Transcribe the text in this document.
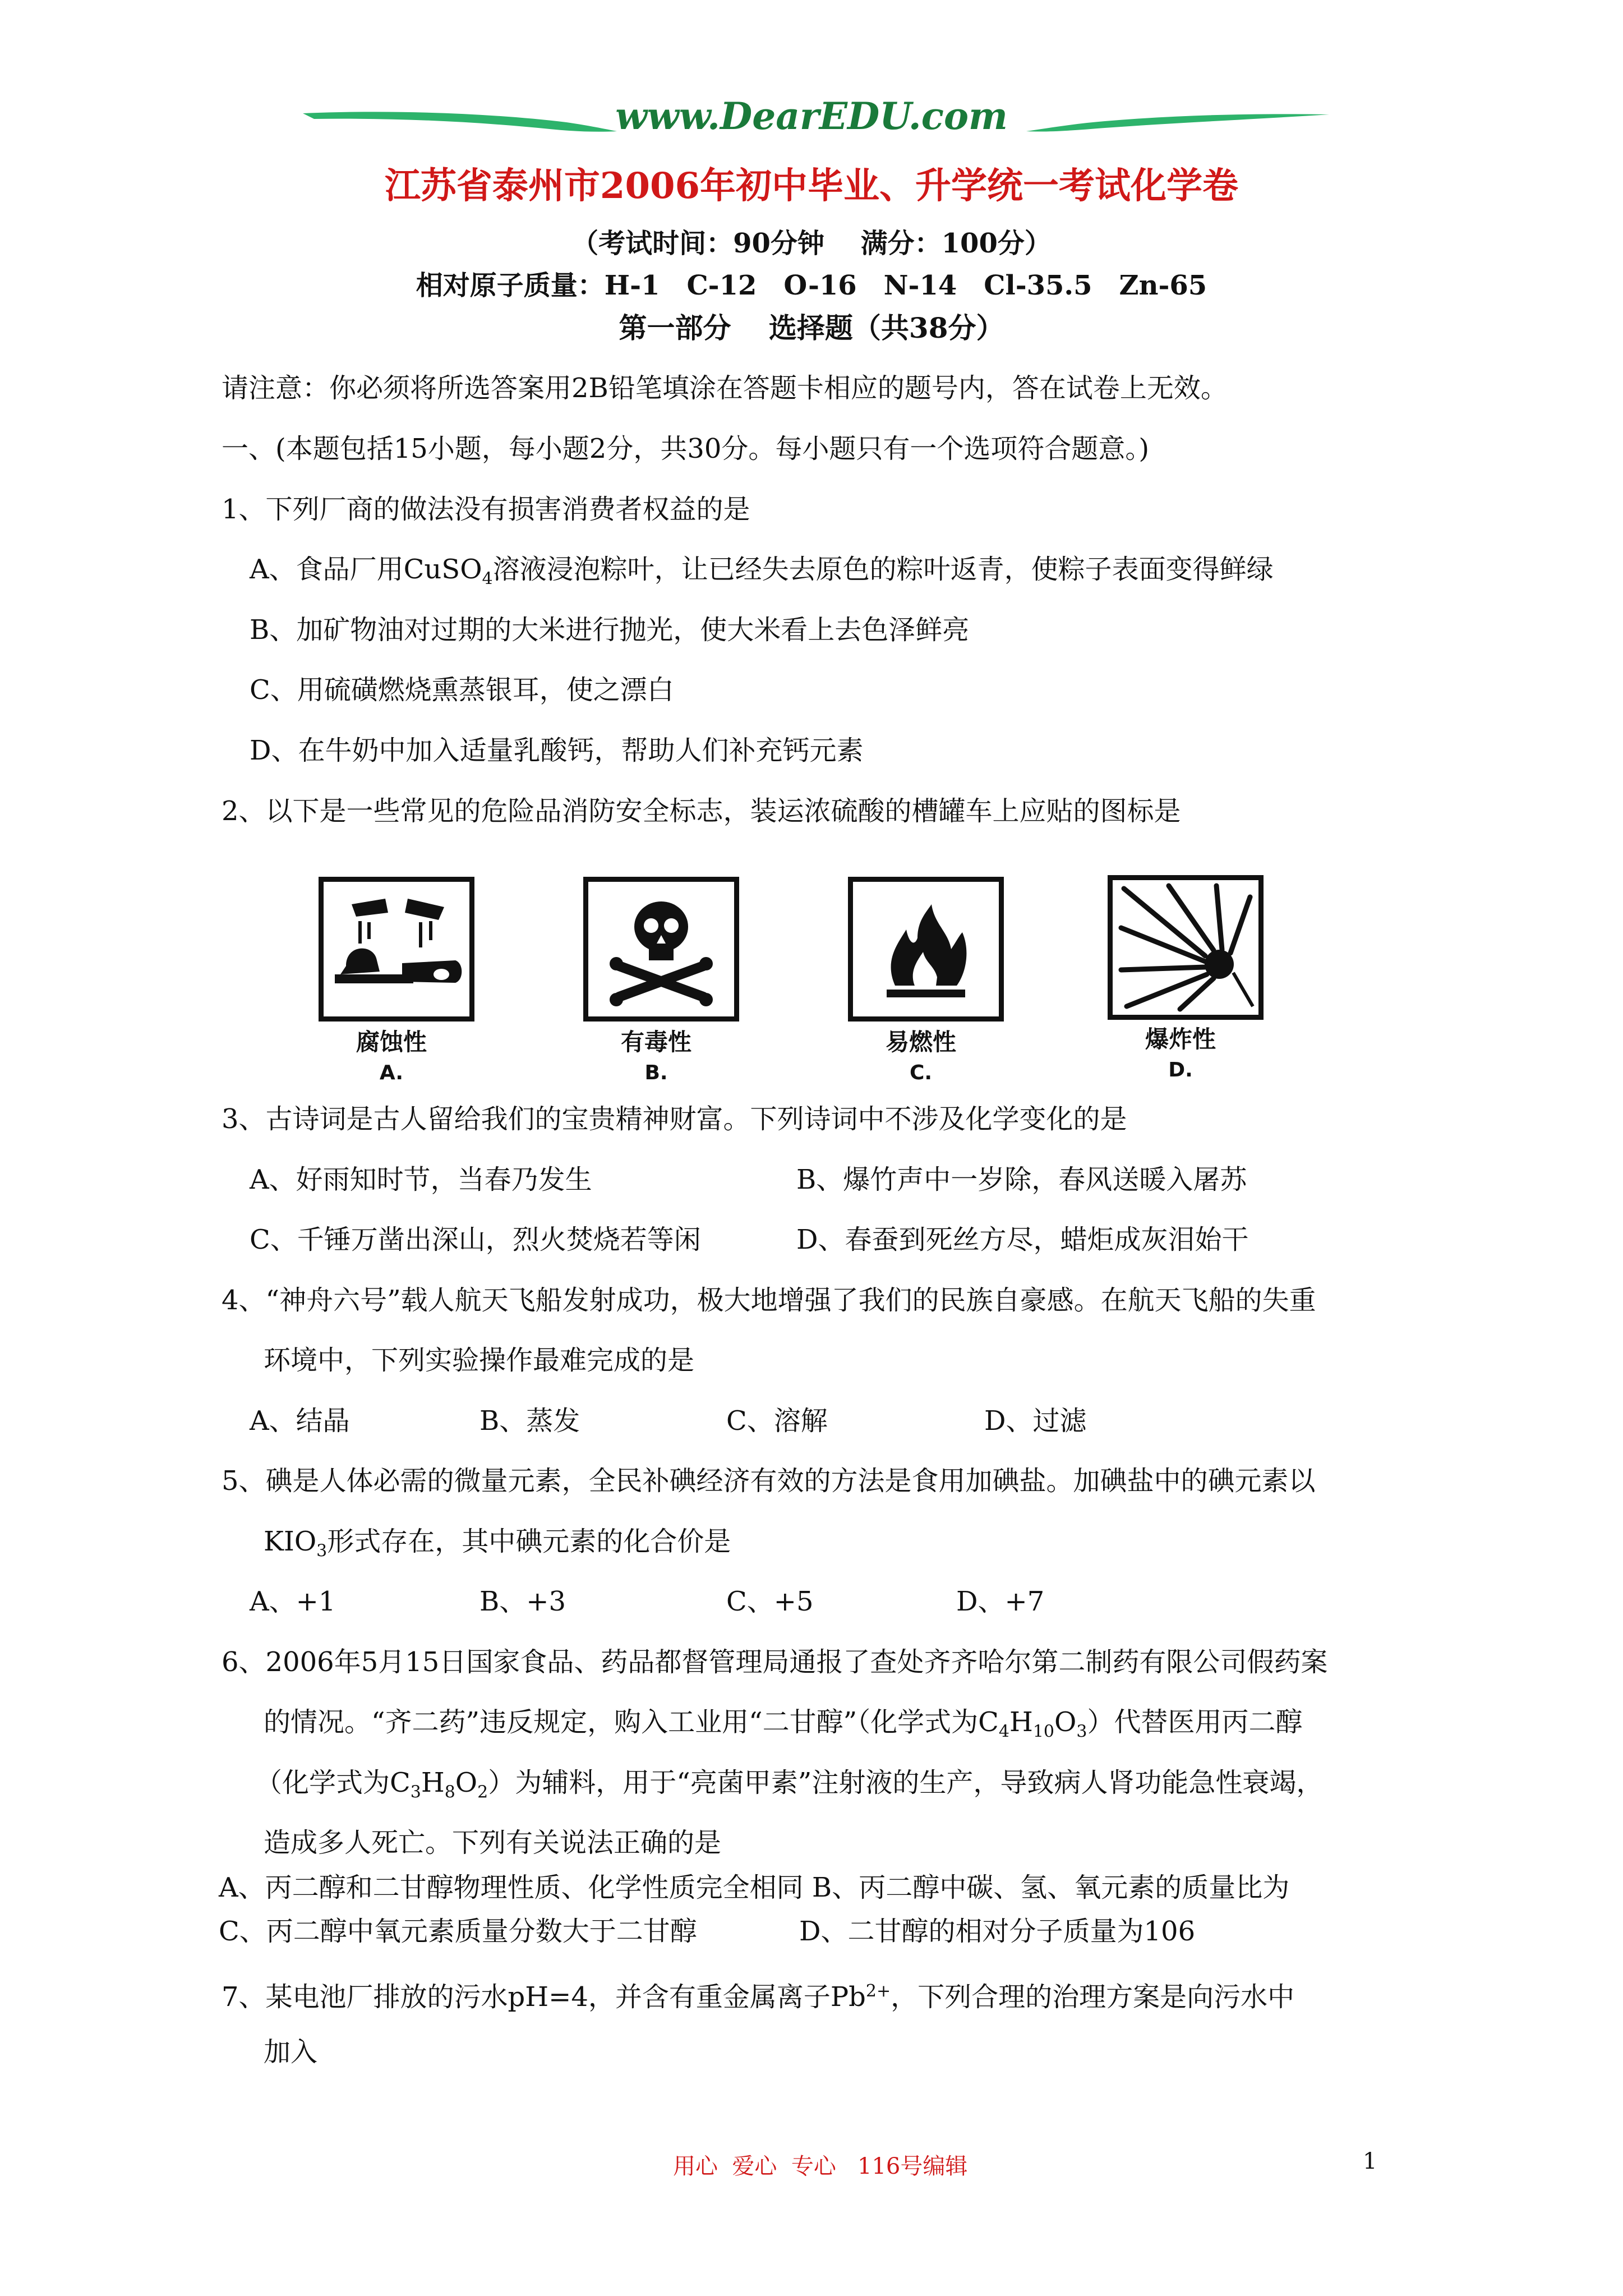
www.DearEDU.com
江苏省泰州市2006年初中毕业、升学统一考试化学卷
（考试时间：90分钟　 满分：100分）
相对原子质量：H-1　C-12　O-16　N-14　Cl-35.5　Zn-65
第一部分　 选择题（共38分）
请注意：你必须将所选答案用2B铅笔填涂在答题卡相应的题号内，答在试卷上无效。
一、(本题包括15小题，每小题2分，共30分。每小题只有一个选项符合题意。)
1、下列厂商的做法没有损害消费者权益的是
A、食品厂用CuSO$_4$溶液浸泡粽叶，让已经失去原色的粽叶返青，使粽子表面变得鲜绿
B、加矿物油对过期的大米进行抛光，使大米看上去色泽鲜亮
C、用硫磺燃烧熏蒸银耳，使之漂白
D、在牛奶中加入适量乳酸钙，帮助人们补充钙元素
2、以下是一些常见的危险品消防安全标志，装运浓硫酸的槽罐车上应贴的图标是
腐蚀性
A.
有毒性
B.
易燃性
C.
爆炸性
D.
3、古诗词是古人留给我们的宝贵精神财富。下列诗词中不涉及化学变化的是
A、好雨知时节，当春乃发生	B、爆竹声中一岁除，春风送暖入屠苏
C、千锤万凿出深山，烈火焚烧若等闲	D、春蚕到死丝方尽，蜡炬成灰泪始干
4、“神舟六号”载人航天飞船发射成功，极大地增强了我们的民族自豪感。在航天飞船的失重
环境中，下列实验操作最难完成的是
A、结晶	B、蒸发	C、溶解	D、过滤
5、碘是人体必需的微量元素，全民补碘经济有效的方法是食用加碘盐。加碘盐中的碘元素以
$KIO_3$形式存在，其中碘元素的化合价是
A、+1	B、+3	C、+5	D、+7
6、2006年5月15日国家食品、药品都督管理局通报了查处齐齐哈尔第二制药有限公司假药案
的情况。“齐二药”违反规定，购入工业用“二甘醇”（化学式为$C_4H_{10}O_3$）代替医用丙二醇
（化学式为$C_3H_8O_2$）为辅料，用于“亮菌甲素”注射液的生产，导致病人肾功能急性衰竭，
造成多人死亡。下列有关说法正确的是
A、丙二醇和二甘醇物理性质、化学性质完全相同 B、丙二醇中碳、氢、氧元素的质量比为
C、丙二醇中氧元素质量分数大于二甘醇	D、二甘醇的相对分子质量为106
7、某电池厂排放的污水pH=4，并含有重金属离子$Pb^{2+}$，下列合理的治理方案是向污水中
加入
用心  爱心  专心   116号编辑	1
